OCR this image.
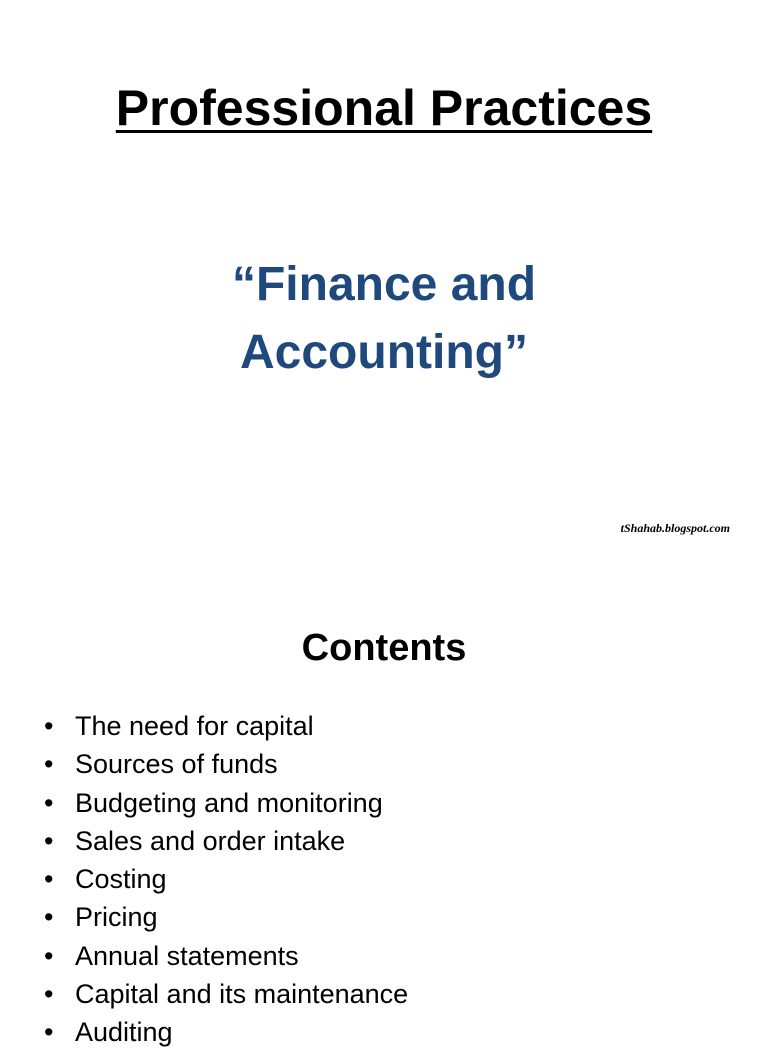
Professional Practices
“Finance and
Accounting”
tShahab.blogspot.com
Contents
• The need for capital
• Sources of funds
• Budgeting and monitoring
• Sales and order intake
• Costing
• Pricing
• Annual statements
• Capital and its maintenance
• Auditing
